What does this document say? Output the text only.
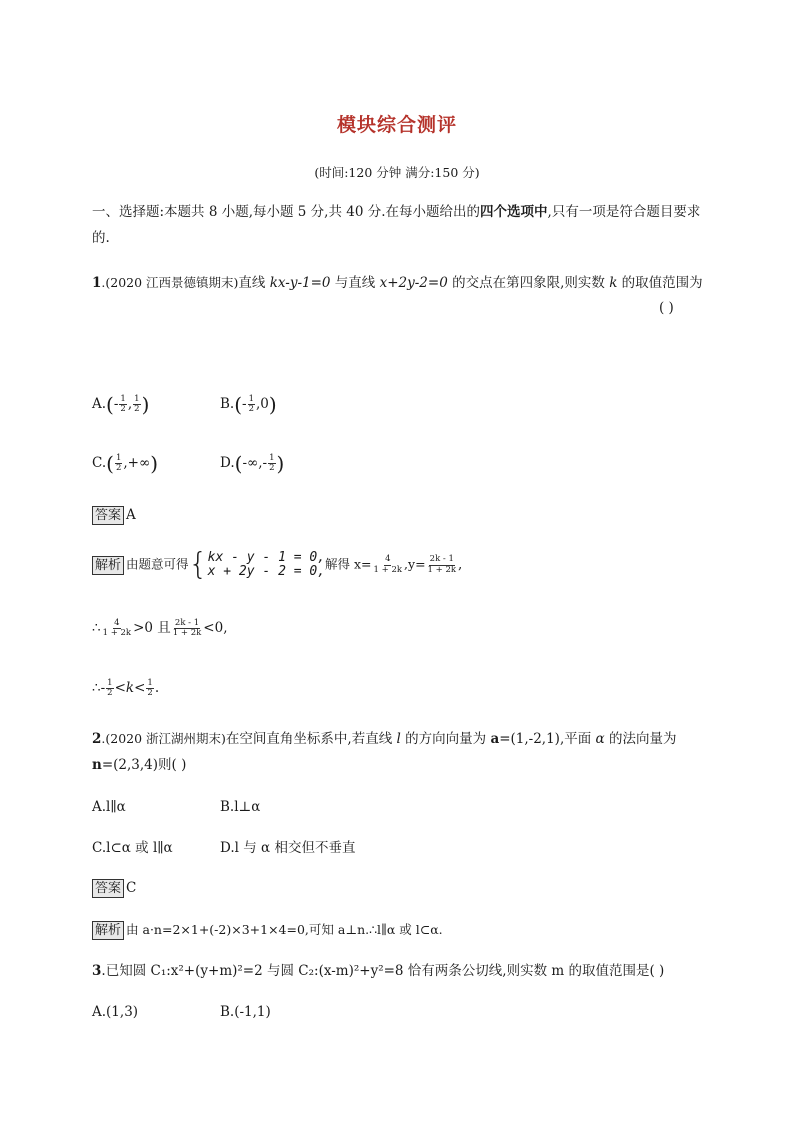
模块综合测评
(时间:120 分钟 满分:150 分)
一、选择题:本题共 8 小题,每小题 5 分,共 40 分.在每小题给出的四个选项中,只有一项是符合题目要求的.
1.(2020 江西景德镇期末)直线 kx-y-1=0 与直线 x+2y-2=0 的交点在第四象限,则实数 k 的取值范围为
( )
$A.(- \frac{1}{2}$ , $\frac{1}{2}$ )	$B.(- \frac{1}{2} ,0)$
$C.( \frac{1}{2}$ ,+∞)	$D.(-\infty,- \frac{1}{2}$ )
答案 A
解析 由题意可得 { kx - y - 1 = 0,
x + 2y - 2 = 0, 解得 $x= \frac{4}{1 + 2k} ,y= \frac{2k - 1}{1 + 2k}$ ,
∴ $\frac{4}{1 + 2k} >0$ 且 $\frac{2k - 1}{1 + 2k} <0$,
∴- $\frac{1}{2} <k< \frac{1}{2}$ .
2.(2020 浙江湖州期末)在空间直角坐标系中,若直线 l 的方向向量为 a=(1,-2,1),平面 α 的法向量为
n=(2,3,4)则( )
A.l∥α	B.l⊥α
C.l⊂α 或 l∥α	D.l 与 α 相交但不垂直
答案 C
解析 由 a·n=2×1+(-2)×3+1×4=0,可知 a⊥n.∴l∥α 或 l⊂α.
3.已知圆 C₁:x²+(y+m)²=2 与圆 C₂:(x-m)²+y²=8 恰有两条公切线,则实数 m 的取值范围是( )
A.(1,3)	B.(-1,1)
